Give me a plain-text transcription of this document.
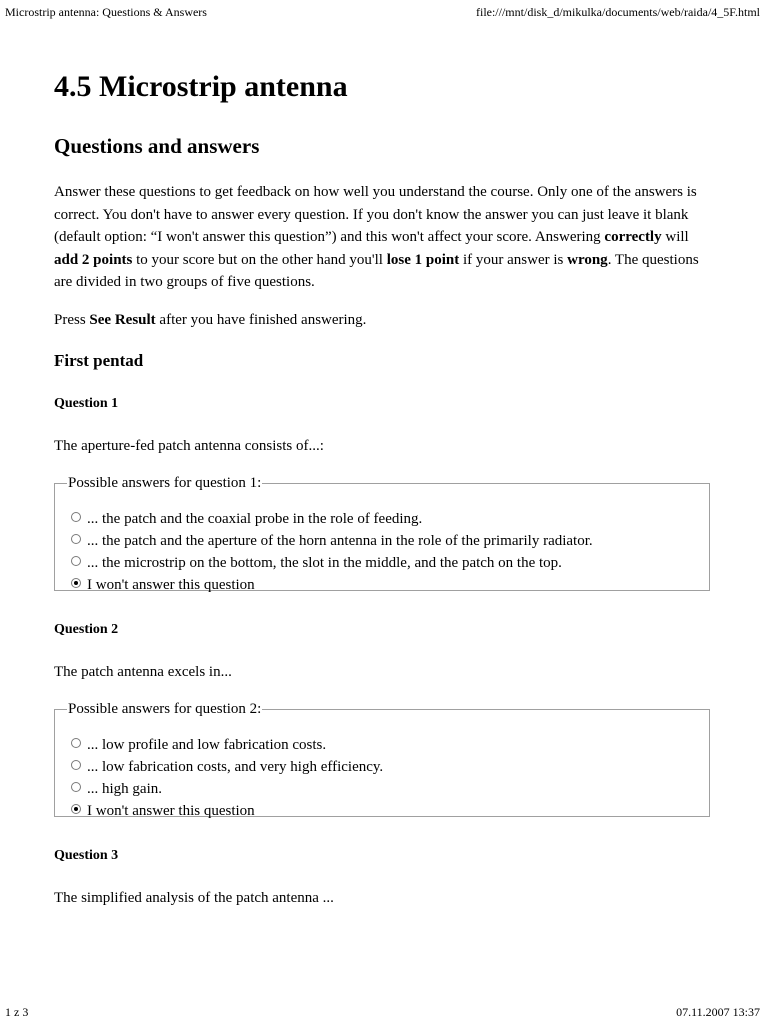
Microstrip antenna: Questions & Answers	file:///mnt/disk_d/mikulka/documents/web/raida/4_5F.html
4.5 Microstrip antenna
Questions and answers

Answer these questions to get feedback on how well you understand the course. Only one of the answers is correct. You don't have to answer every question. If you don't know the answer you can just leave it blank (default option: “I won't answer this question”) and this won't affect your score. Answering correctly will add 2 points to your score but on the other hand you'll lose 1 point if your answer is wrong. The questions are divided in two groups of five questions.

Press See Result after you have finished answering.

First pentad

Question 1

The aperture-fed patch antenna consists of...:

Possible answers for question 1:
... the patch and the coaxial probe in the role of feeding.
... the patch and the aperture of the horn antenna in the role of the primarily radiator.
... the microstrip on the bottom, the slot in the middle, and the patch on the top.
I won't answer this question

Question 2

The patch antenna excels in...

Possible answers for question 2:
... low profile and low fabrication costs.
... low fabrication costs, and very high efficiency.
... high gain.
I won't answer this question

Question 3

The simplified analysis of the patch antenna ...

1 z 3	07.11.2007 13:37
